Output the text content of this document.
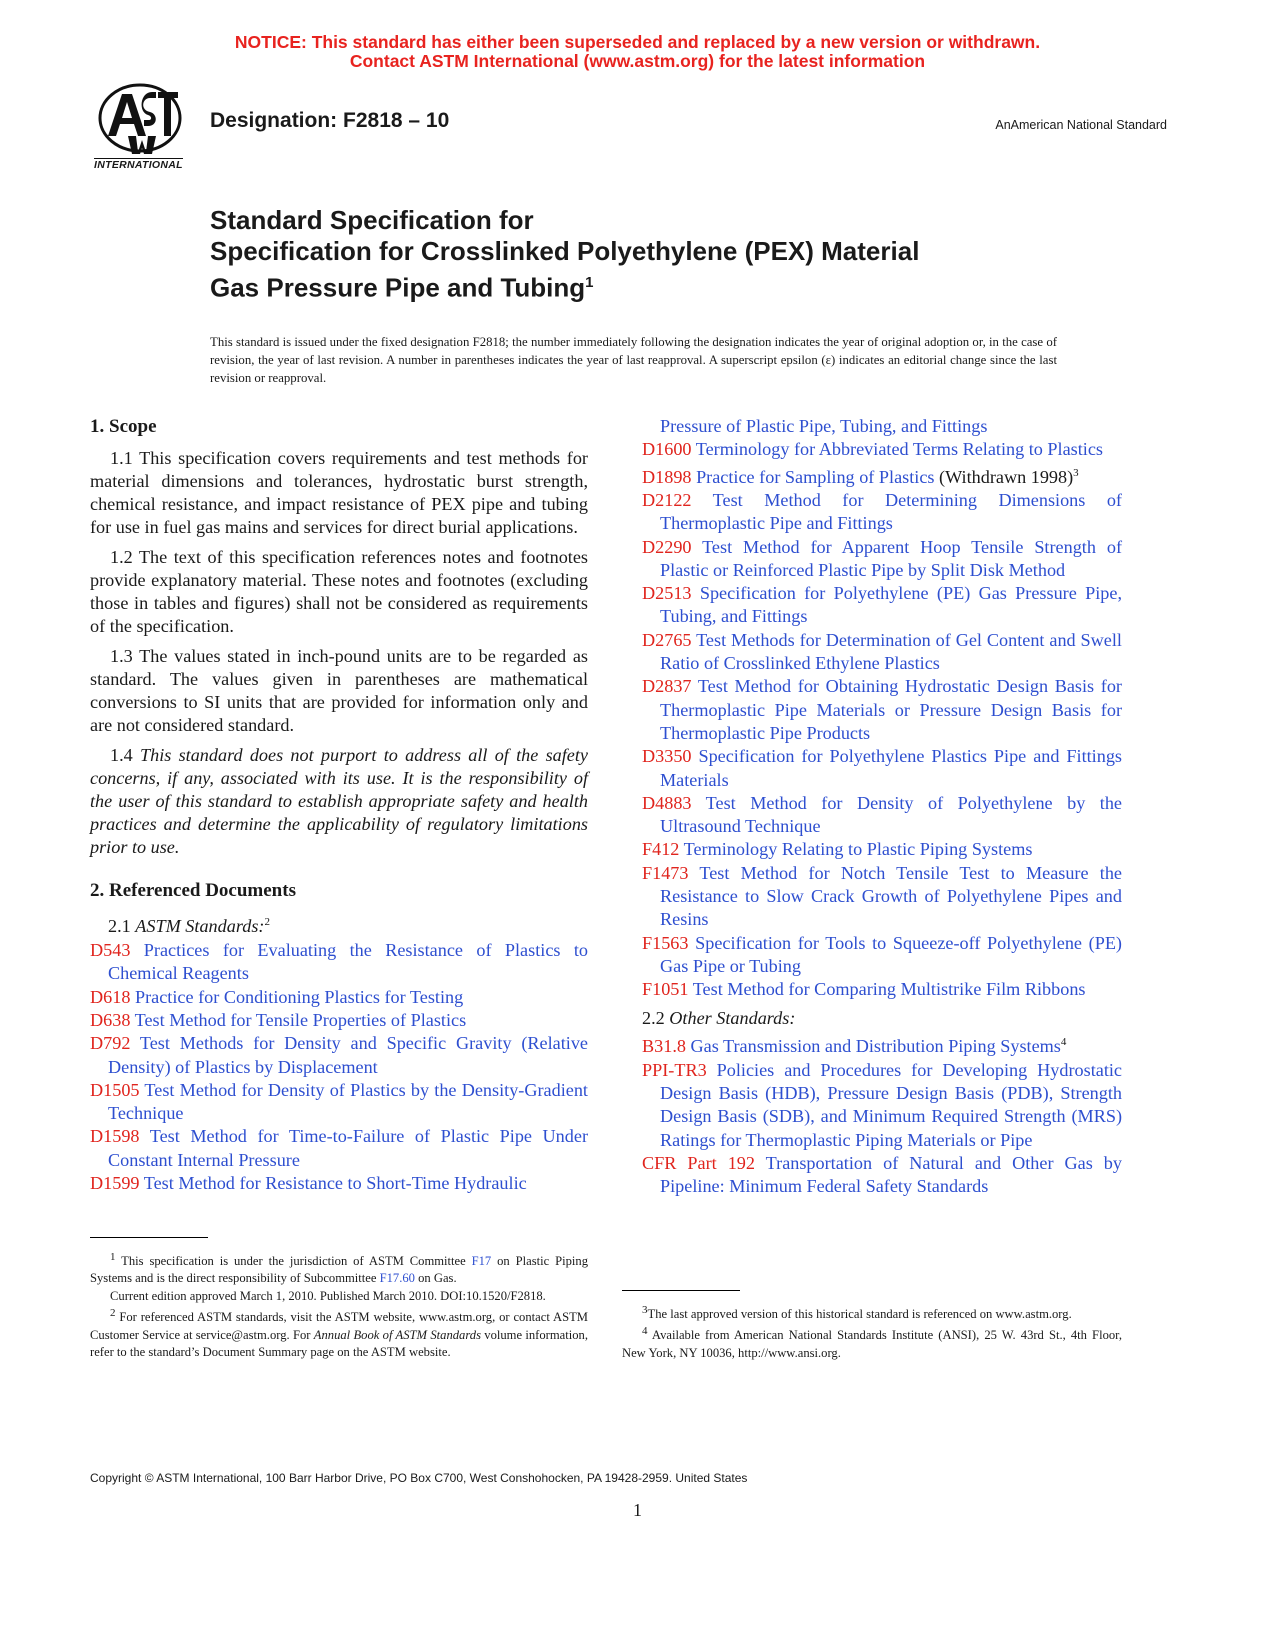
NOTICE: This standard has either been superseded and replaced by a new version or withdrawn.
Contact ASTM International (www.astm.org) for the latest information
INTERNATIONAL
Designation: F2818 – 10	AnAmerican National Standard
Standard Specification for
Specification for Crosslinked Polyethylene (PEX) Material
Gas Pressure Pipe and Tubing$^1$
This standard is issued under the fixed designation F2818; the number immediately following the designation indicates the year of original adoption or, in the case of revision, the year of last revision. A number in parentheses indicates the year of last reapproval. A superscript epsilon (ε) indicates an editorial change since the last revision or reapproval.
1. Scope

1.1 This specification covers requirements and test methods for material dimensions and tolerances, hydrostatic burst strength, chemical resistance, and impact resistance of PEX pipe and tubing for use in fuel gas mains and services for direct burial applications.

1.2 The text of this specification references notes and footnotes provide explanatory material. These notes and footnotes (excluding those in tables and figures) shall not be considered as requirements of the specification.

1.3 The values stated in inch-pound units are to be regarded as standard. The values given in parentheses are mathematical conversions to SI units that are provided for information only and are not considered standard.

1.4 This standard does not purport to address all of the safety concerns, if any, associated with its use. It is the responsibility of the user of this standard to establish appropriate safety and health practices and determine the applicability of regulatory limitations prior to use.

2. Referenced Documents
2.1 ASTM Standards:$^2$

D543 Practices for Evaluating the Resistance of Plastics to Chemical Reagents

D618 Practice for Conditioning Plastics for Testing

D638 Test Method for Tensile Properties of Plastics

D792 Test Methods for Density and Specific Gravity (Relative Density) of Plastics by Displacement

D1505 Test Method for Density of Plastics by the Density-Gradient Technique

D1598 Test Method for Time-to-Failure of Plastic Pipe Under Constant Internal Pressure

D1599 Test Method for Resistance to Short-Time Hydraulic

Pressure of Plastic Pipe, Tubing, and Fittings

D1600 Terminology for Abbreviated Terms Relating to Plastics

D1898 Practice for Sampling of Plastics (Withdrawn 1998)$^3$

D2122 Test Method for Determining Dimensions of Thermoplastic Pipe and Fittings

D2290 Test Method for Apparent Hoop Tensile Strength of Plastic or Reinforced Plastic Pipe by Split Disk Method

D2513 Specification for Polyethylene (PE) Gas Pressure Pipe, Tubing, and Fittings

D2765 Test Methods for Determination of Gel Content and Swell Ratio of Crosslinked Ethylene Plastics

D2837 Test Method for Obtaining Hydrostatic Design Basis for Thermoplastic Pipe Materials or Pressure Design Basis for Thermoplastic Pipe Products

D3350 Specification for Polyethylene Plastics Pipe and Fittings Materials

D4883 Test Method for Density of Polyethylene by the Ultrasound Technique

F412 Terminology Relating to Plastic Piping Systems

F1473 Test Method for Notch Tensile Test to Measure the Resistance to Slow Crack Growth of Polyethylene Pipes and Resins

F1563 Specification for Tools to Squeeze-off Polyethylene (PE) Gas Pipe or Tubing

F1051 Test Method for Comparing Multistrike Film Ribbons

2.2 Other Standards:

B31.8 Gas Transmission and Distribution Piping Systems$^4$

PPI-TR3 Policies and Procedures for Developing Hydrostatic Design Basis (HDB), Pressure Design Basis (PDB), Strength Design Basis (SDB), and Minimum Required Strength (MRS) Ratings for Thermoplastic Piping Materials or Pipe

CFR Part 192 Transportation of Natural and Other Gas by Pipeline: Minimum Federal Safety Standards

$^1$ This specification is under the jurisdiction of ASTM Committee F17 on Plastic Piping Systems and is the direct responsibility of Subcommittee F17.60 on Gas.

Current edition approved March 1, 2010. Published March 2010. DOI:10.1520/F2818.

$^2$ For referenced ASTM standards, visit the ASTM website, www.astm.org, or contact ASTM Customer Service at service@astm.org. For Annual Book of ASTM Standards volume information, refer to the standard’s Document Summary page on the ASTM website.

$^3$The last approved version of this historical standard is referenced on www.astm.org.

$^4$ Available from American National Standards Institute (ANSI), 25 W. 43rd St., 4th Floor, New York, NY 10036, http://www.ansi.org.

Copyright © ASTM International, 100 Barr Harbor Drive, PO Box C700, West Conshohocken, PA 19428-2959. United States
1
